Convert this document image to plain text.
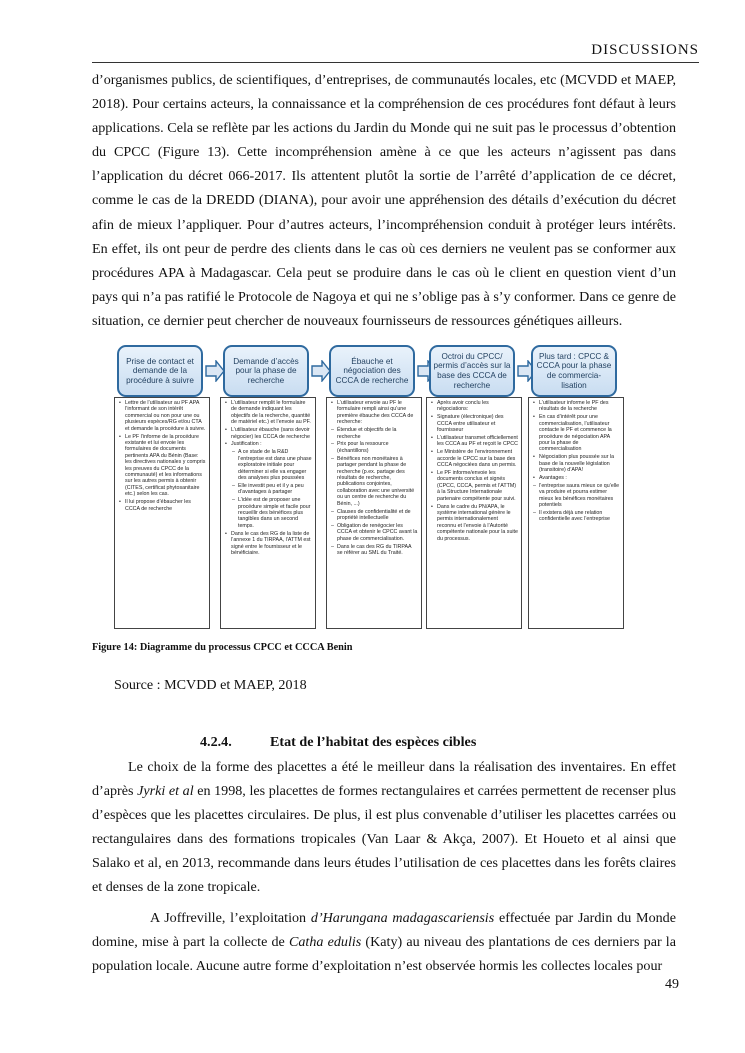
DISCUSSIONS

d’organismes publics, de scientifiques, d’entreprises, de communautés locales, etc (MCVDD et MAEP, 2018). Pour certains acteurs, la connaissance et la compréhension de ces procédures font défaut à leurs applications. Cela se reflète par les actions du Jardin du Monde qui ne suit pas le processus d’obtention du CPCC (Figure 13). Cette incompréhension amène à ce que les acteurs n’agissent pas dans l’application du décret 066-2017. Ils attentent plutôt la sortie de l’arrêté d’application de ce décret, comme le cas de la DREDD (DIANA), pour avoir une appréhension des détails d’exécution du décret afin de mieux l’appliquer. Pour d’autres acteurs, l’incompréhension conduit à protéger leurs intérêts. En effet, ils ont peur de perdre des clients dans le cas où ces derniers ne veulent pas se conformer aux procédures APA à Madagascar. Cela peut se produire dans le cas où le client en question vient d’un pays qui n’a pas ratifié le Protocole de Nagoya et qui ne s’oblige pas à s’y conformer. Dans ce genre de situation, ce dernier peut chercher de nouveaux fournisseurs de ressources génétiques ailleurs.

Prise de contact et demande de la procédure à suivre
• Lettre de l’utilisateur au PF APA l’informant de son intérêt commercial ou non pour une ou plusieurs espèces/RG et/ou CTA et demande la procédure à suivre.
• Le PF l’informe de la procédure existante et lui envoie les formulaires de documents pertinents APA du Bénin (Base: les directives nationales y compris les preuves du CPCC de la communauté) et les informations sur les autres permis à obtenir (CITES, certificat phytosanitaire etc.) selon les cas.
• Il lui propose d’ébaucher les CCCA de recherche
Demande d’accès pour la phase de recherche
• L’utilisateur remplit le formulaire de demande indiquant les objectifs de la recherche, quantité de matériel etc.) et l’envoie au PF.
• L’utilisateur ébauche (sans devoir négocier) les CCCA de recherche
• Justification :
– A ce stade de la R&D l’entreprise est dans une phase exploratoire initiale pour déterminer si elle va engager des analyses plus poussées
– Elle investit peu et il y a peu d’avantages à partager
– L’idée est de proposer une procédure simple et facile pour recueillir des bénéfices plus tangibles dans un second temps.
• Dans le cas des RG de la liste de l’annexe 1 du TIRPAA, l’ATTM est signé entre le fournisseur et le bénéficiaire.
Ébauche et négociation des CCCA de recherche
• L’utilisateur envoie au PF le formulaire rempli ainsi qu’une première ébauche des CCCA de recherche:
– Étendue et objectifs de la recherche
– Prix pour la ressource (échantillons)
– Bénéfices non monétaires à partager pendant la phase de recherche (p.ex. partage des résultats de recherche, publications conjointes, collaboration avec une université ou un centre de recherche du Bénin, ...)
– Clauses de confidentialité et de propriété intellectuelle
– Obligation de renégocier les CCCA et obtenir le CPCC avant la phase de commercialisation.
– Dans le cas des RG du TIRPAA se référer au SML du Traité.
Octroi du CPCC/ permis d’accès sur la base des CCCA de recherche
• Après avoir conclu les négociations:
• Signature (électronique) des CCCA entre utilisateur et fournisseur
• L’utilisateur transmet officiellement les CCCA au PF et reçoit le CPCC
• Le Ministère de l’environnement accorde le CPCC sur la base des CCCA négociées dans un permis.
• Le PF informe/envoie les documents conclus et signés (CPCC, CCCA, permis et l’ATTM) à la Structure Internationale partenaire compétente pour suivi.
• Dans le cadre du PN/APA, le système international génère le permis internationalement reconnu et l’envoie à l’Autorité compétente nationale pour la suite du processus.
Plus tard : CPCC & CCCA pour la phase de commercia-lisation
• L’utilisateur informe le PF des résultats de la recherche
• En cas d’intérêt pour une commercialisation, l’utilisateur contacte le PF et commence la procédure de négociation APA pour la phase de commercialisation
• Négociation plus poussée sur la base de la nouvelle législation (transitoire) d’APA!
• Avantages :
– l’entreprise saura mieux ce qu’elle va produire et pourra estimer mieux les bénéfices monétaires potentiels
– Il existera déjà une relation confidentielle avec l’entreprise
Figure 14: Diagramme du processus CPCC et CCCA Benin
Source : MCVDD et MAEP, 2018
4.2.4.	Etat de l’habitat des espèces cibles

Le choix de la forme des placettes a été le meilleur dans la réalisation des inventaires. En effet d’après Jyrki et al en 1998, les placettes de formes rectangulaires et carrées permettent de recenser plus d’espèces que les placettes circulaires. De plus, il est plus convenable d’utiliser les placettes carrées ou rectangulaires dans des formations tropicales (Van Laar & Akça, 2007). Et Houeto et al ainsi que Salako et al, en 2013, recommande dans leurs études l’utilisation de ces placettes dans les forêts claires et denses de la zone tropicale.

A Joffreville, l’exploitation d’Harungana madagascariensis effectuée par Jardin du Monde domine, mise à part la collecte de Catha edulis (Katy) au niveau des plantations de ces derniers par la population locale. Aucune autre forme d’exploitation n’est observée hormis les collectes locales pour

49
